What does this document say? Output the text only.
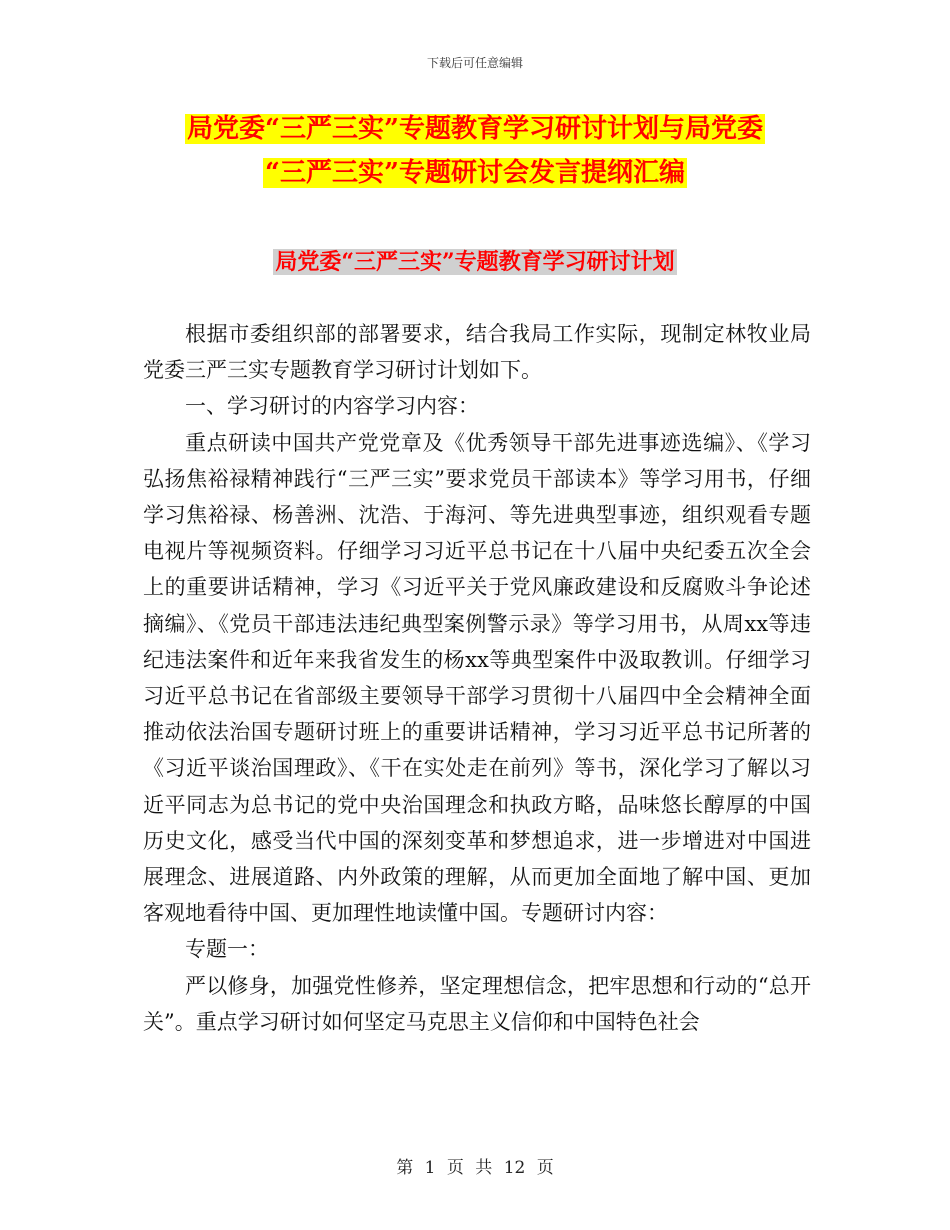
下载后可任意编辑
局党委“三严三实”专题教育学习研讨计划与局党委
“三严三实”专题研讨会发言提纲汇编
局党委“三严三实”专题教育学习研讨计划

根据市委组织部的部署要求，结合我局工作实际，现制定林牧业局党委三严三实专题教育学习研讨计划如下。

一、学习研讨的内容学习内容：

重点研读中国共产党党章及《优秀领导干部先进事迹选编》、《学习弘扬焦裕禄精神践行“三严三实”要求党员干部读本》等学习用书，仔细学习焦裕禄、杨善洲、沈浩、于海河、等先进典型事迹，组织观看专题电视片等视频资料。仔细学习习近平总书记在十八届中央纪委五次全会上的重要讲话精神，学习《习近平关于党风廉政建设和反腐败斗争论述摘编》、《党员干部违法违纪典型案例警示录》等学习用书，从周xx等违纪违法案件和近年来我省发生的杨xx等典型案件中汲取教训。仔细学习习近平总书记在省部级主要领导干部学习贯彻十八届四中全会精神全面推动依法治国专题研讨班上的重要讲话精神，学习习近平总书记所著的《习近平谈治国理政》、《干在实处走在前列》等书，深化学习了解以习近平同志为总书记的党中央治国理念和执政方略，品味悠长醇厚的中国历史文化，感受当代中国的深刻变革和梦想追求，进一步增进对中国进展理念、进展道路、内外政策的理解，从而更加全面地了解中国、更加客观地看待中国、更加理性地读懂中国。专题研讨内容：

专题一：

严以修身，加强党性修养，坚定理想信念，把牢思想和行动的“总开关”。重点学习研讨如何坚定马克思主义信仰和中国特色社会

第 1 页 共 12 页
